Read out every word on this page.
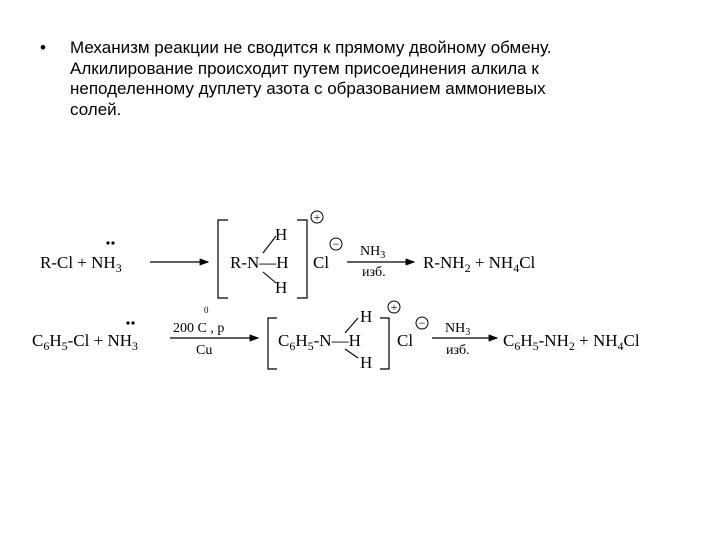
• Механизм реакции не сводится к прямому двойному обмену.
Алкилирование происходит путем присоединения алкила к
неподеленному дуплету азота с образованием аммониевых
солей.
$R-Cl + NH_3$
H
R-N—H
H
+
Cl
− $NH_3$
изб.
$R-NH_2 + NH_4Cl$
$C_6H_5-Cl + NH_3$
0
200 C , p
Cu
H
$C_6H_5-N—H$
H
+
Cl
− $NH_3$
изб.
$C_6H_5-NH_2 + NH_4Cl$
